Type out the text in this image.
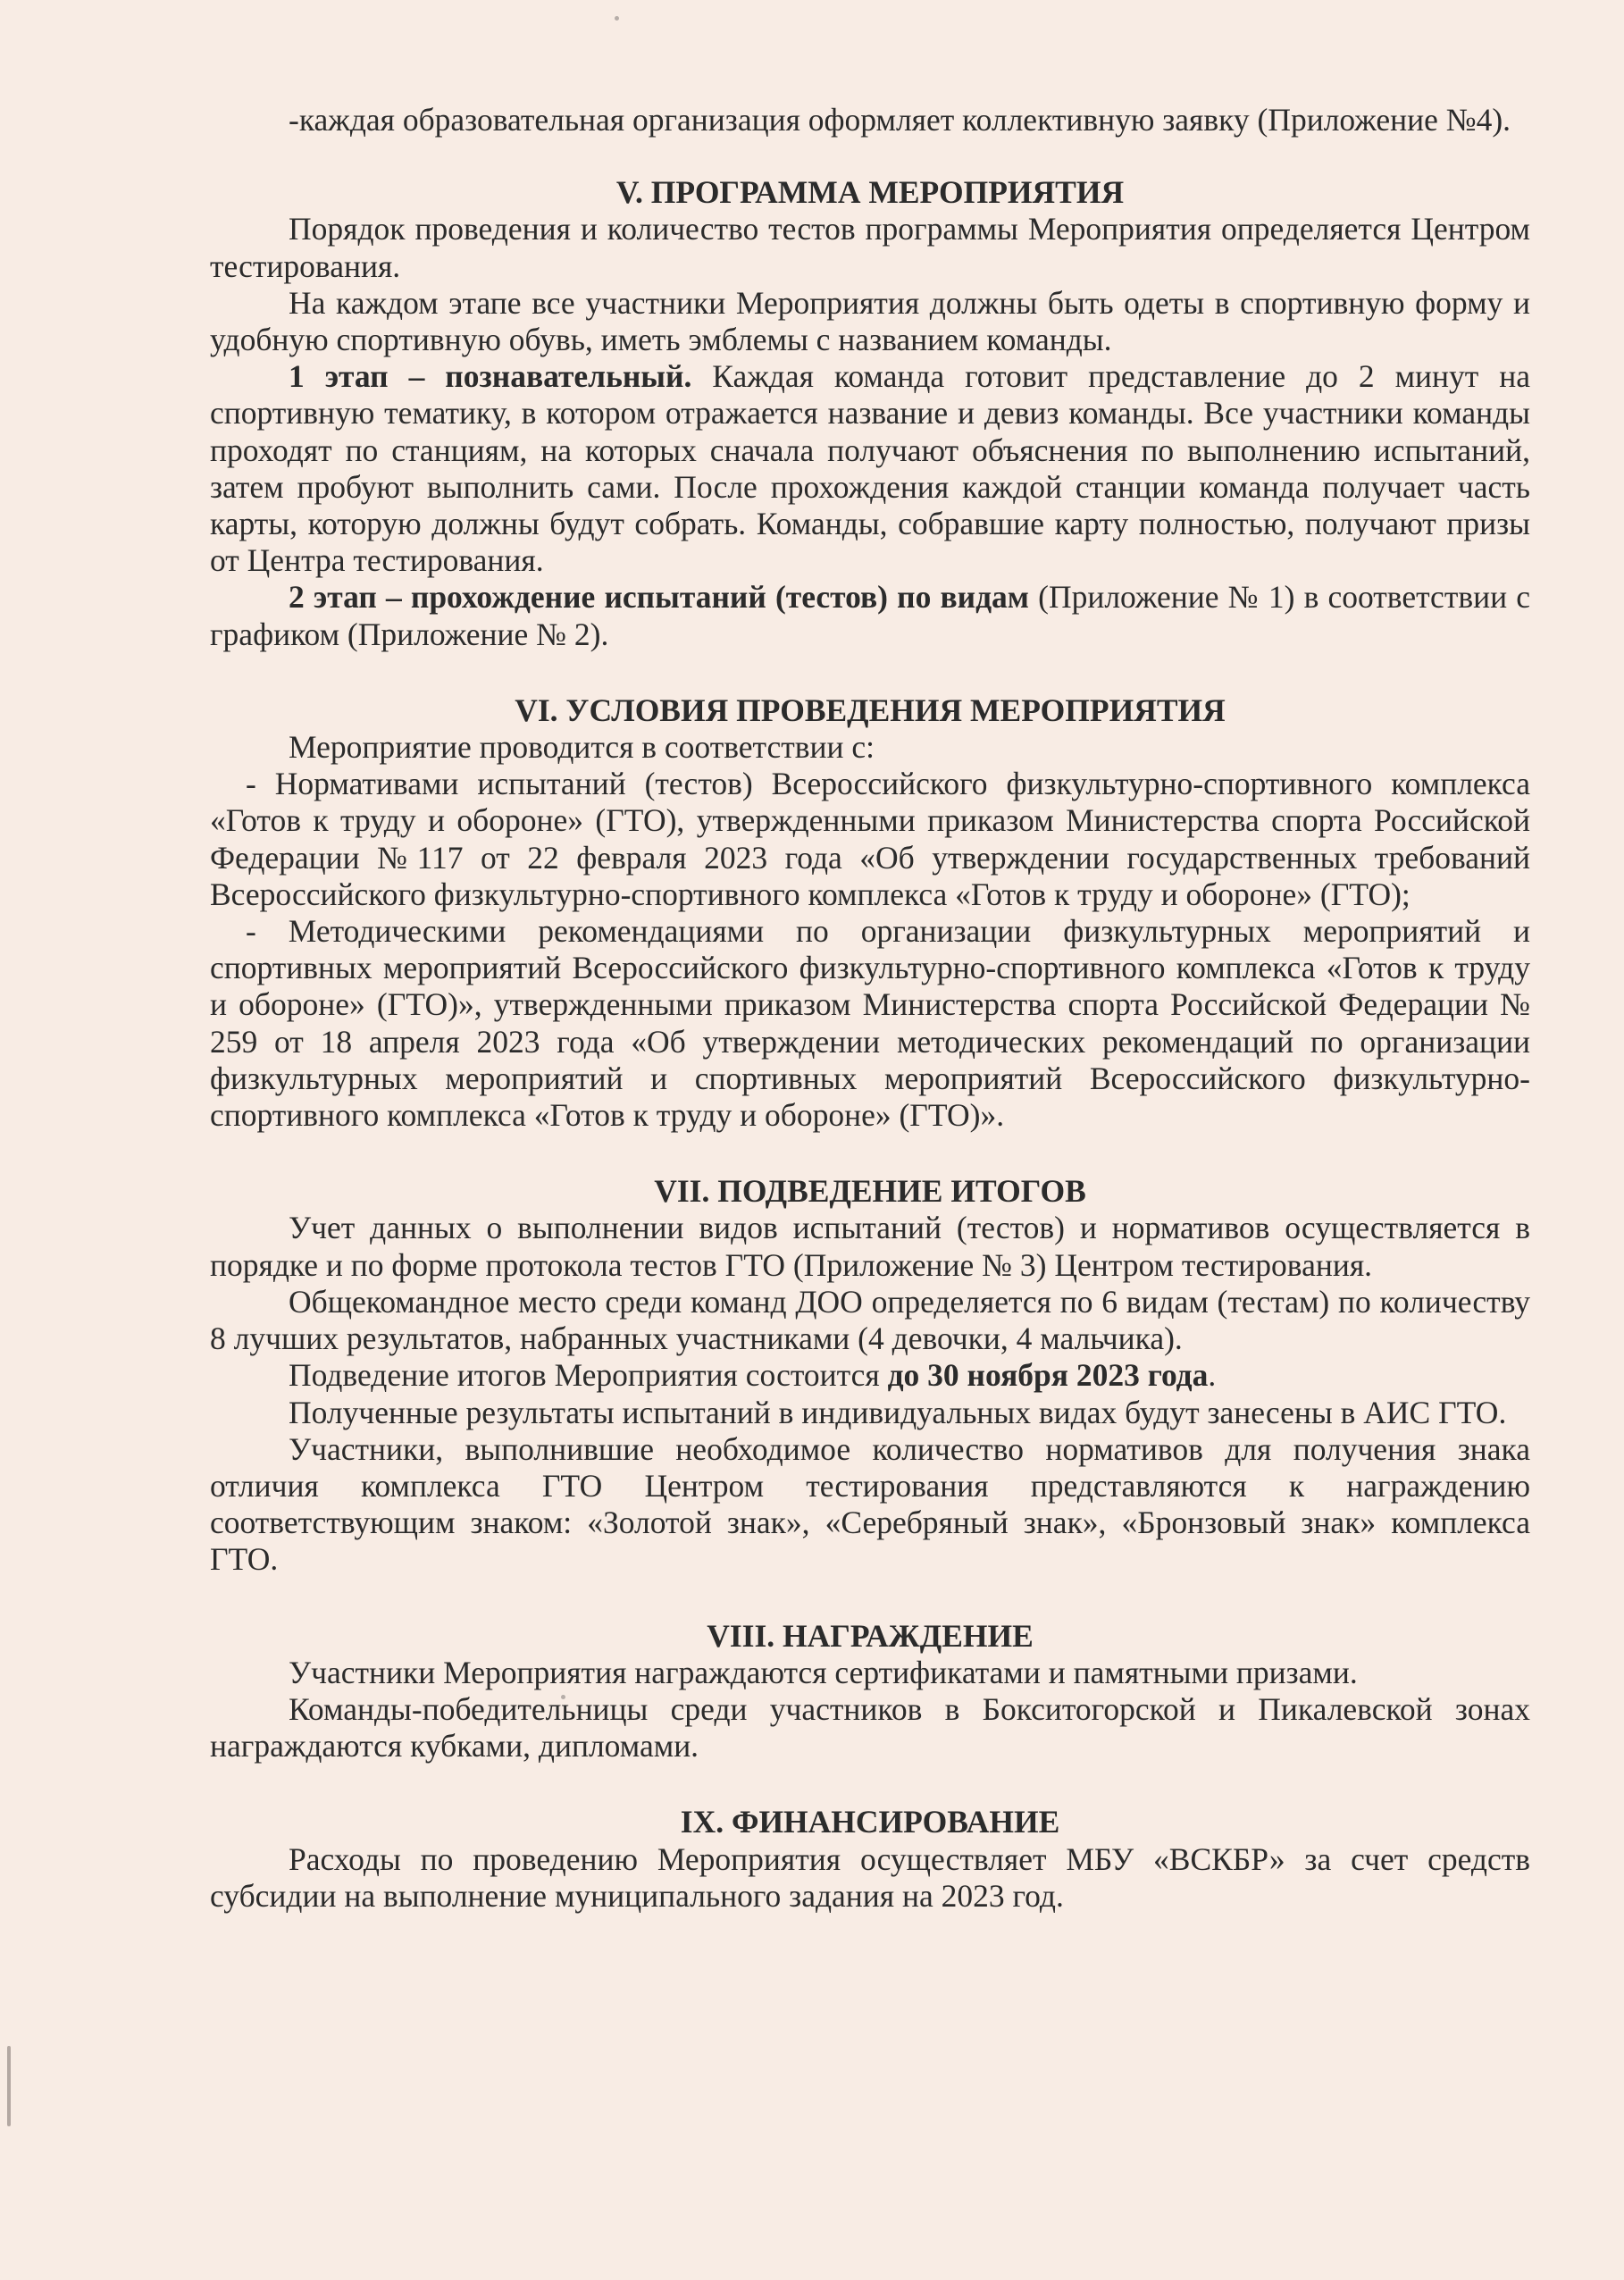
-каждая образовательная организация оформляет коллективную заявку (Приложение №4).

V. ПРОГРАММА МЕРОПРИЯТИЯ

Порядок проведения и количество тестов программы Мероприятия определяется Центром тестирования.

На каждом этапе все участники Мероприятия должны быть одеты в спортивную форму и удобную спортивную обувь, иметь эмблемы с названием команды.

1 этап – познавательный. Каждая команда готовит представление до 2 минут на спортивную тематику, в котором отражается название и девиз команды. Все участники команды проходят по станциям, на которых сначала получают объяснения по выполнению испытаний, затем пробуют выполнить сами. После прохождения каждой станции команда получает часть карты, которую должны будут собрать. Команды, собравшие карту полностью, получают призы от Центра тестирования.

2 этап – прохождение испытаний (тестов) по видам (Приложение № 1) в соответствии с графиком (Приложение № 2).

VI. УСЛОВИЯ ПРОВЕДЕНИЯ МЕРОПРИЯТИЯ

Мероприятие проводится в соответствии с:

- Нормативами испытаний (тестов) Всероссийского физкультурно-спортивного комплекса «Готов к труду и обороне» (ГТО), утвержденными приказом Министерства спорта Российской Федерации №117 от 22 февраля 2023 года «Об утверждении государственных требований Всероссийского физкультурно-спортивного комплекса «Готов к труду и обороне» (ГТО);

- Методическими рекомендациями по организации физкультурных мероприятий и спортивных мероприятий Всероссийского физкультурно-спортивного комплекса «Готов к труду и обороне» (ГТО)», утвержденными приказом Министерства спорта Российской Федерации № 259 от 18 апреля 2023 года «Об утверждении методических рекомендаций по организации физкультурных мероприятий и спортивных мероприятий Всероссийского физкультурно-спортивного комплекса «Готов к труду и обороне» (ГТО)».

VII. ПОДВЕДЕНИЕ ИТОГОВ

Учет данных о выполнении видов испытаний (тестов) и нормативов осуществляется в порядке и по форме протокола тестов ГТО (Приложение № 3) Центром тестирования.

Общекомандное место среди команд ДОО определяется по 6 видам (тестам) по количеству 8 лучших результатов, набранных участниками (4 девочки, 4 мальчика).

Подведение итогов Мероприятия состоится до 30 ноября 2023 года.

Полученные результаты испытаний в индивидуальных видах будут занесены в АИС ГТО.

Участники, выполнившие необходимое количество нормативов для получения знака отличия комплекса ГТО Центром тестирования представляются к награждению соответствующим знаком: «Золотой знак», «Серебряный знак», «Бронзовый знак» комплекса ГТО.

VIII. НАГРАЖДЕНИЕ

Участники Мероприятия награждаются сертификатами и памятными призами.

Команды-победительницы среди участников в Бокситогорской и Пикалевской зонах награждаются кубками, дипломами.

IX. ФИНАНСИРОВАНИЕ

Расходы по проведению Мероприятия осуществляет МБУ «ВСКБР» за счет средств субсидии на выполнение муниципального задания на 2023 год.
